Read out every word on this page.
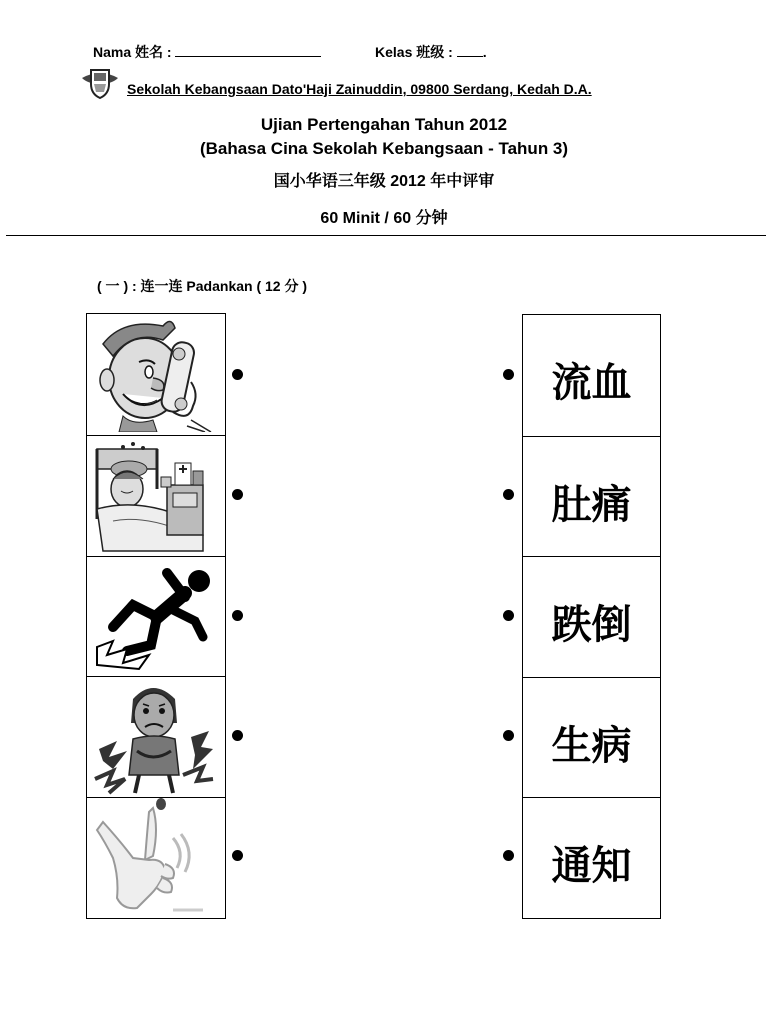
Nama 姓名 :	Kelas 班级 : .
Sekolah Kebangsaan Dato'Haji Zainuddin, 09800 Serdang, Kedah D.A.
Ujian Pertengahan Tahun 2012
(Bahasa Cina Sekolah Kebangsaan - Tahun 3)
国小华语三年级 2012 年中评审
60 Minit / 60 分钟
( 一 ) : 连一连 Padankan ( 12 分 )
流血
肚痛
跌倒
生病
通知
